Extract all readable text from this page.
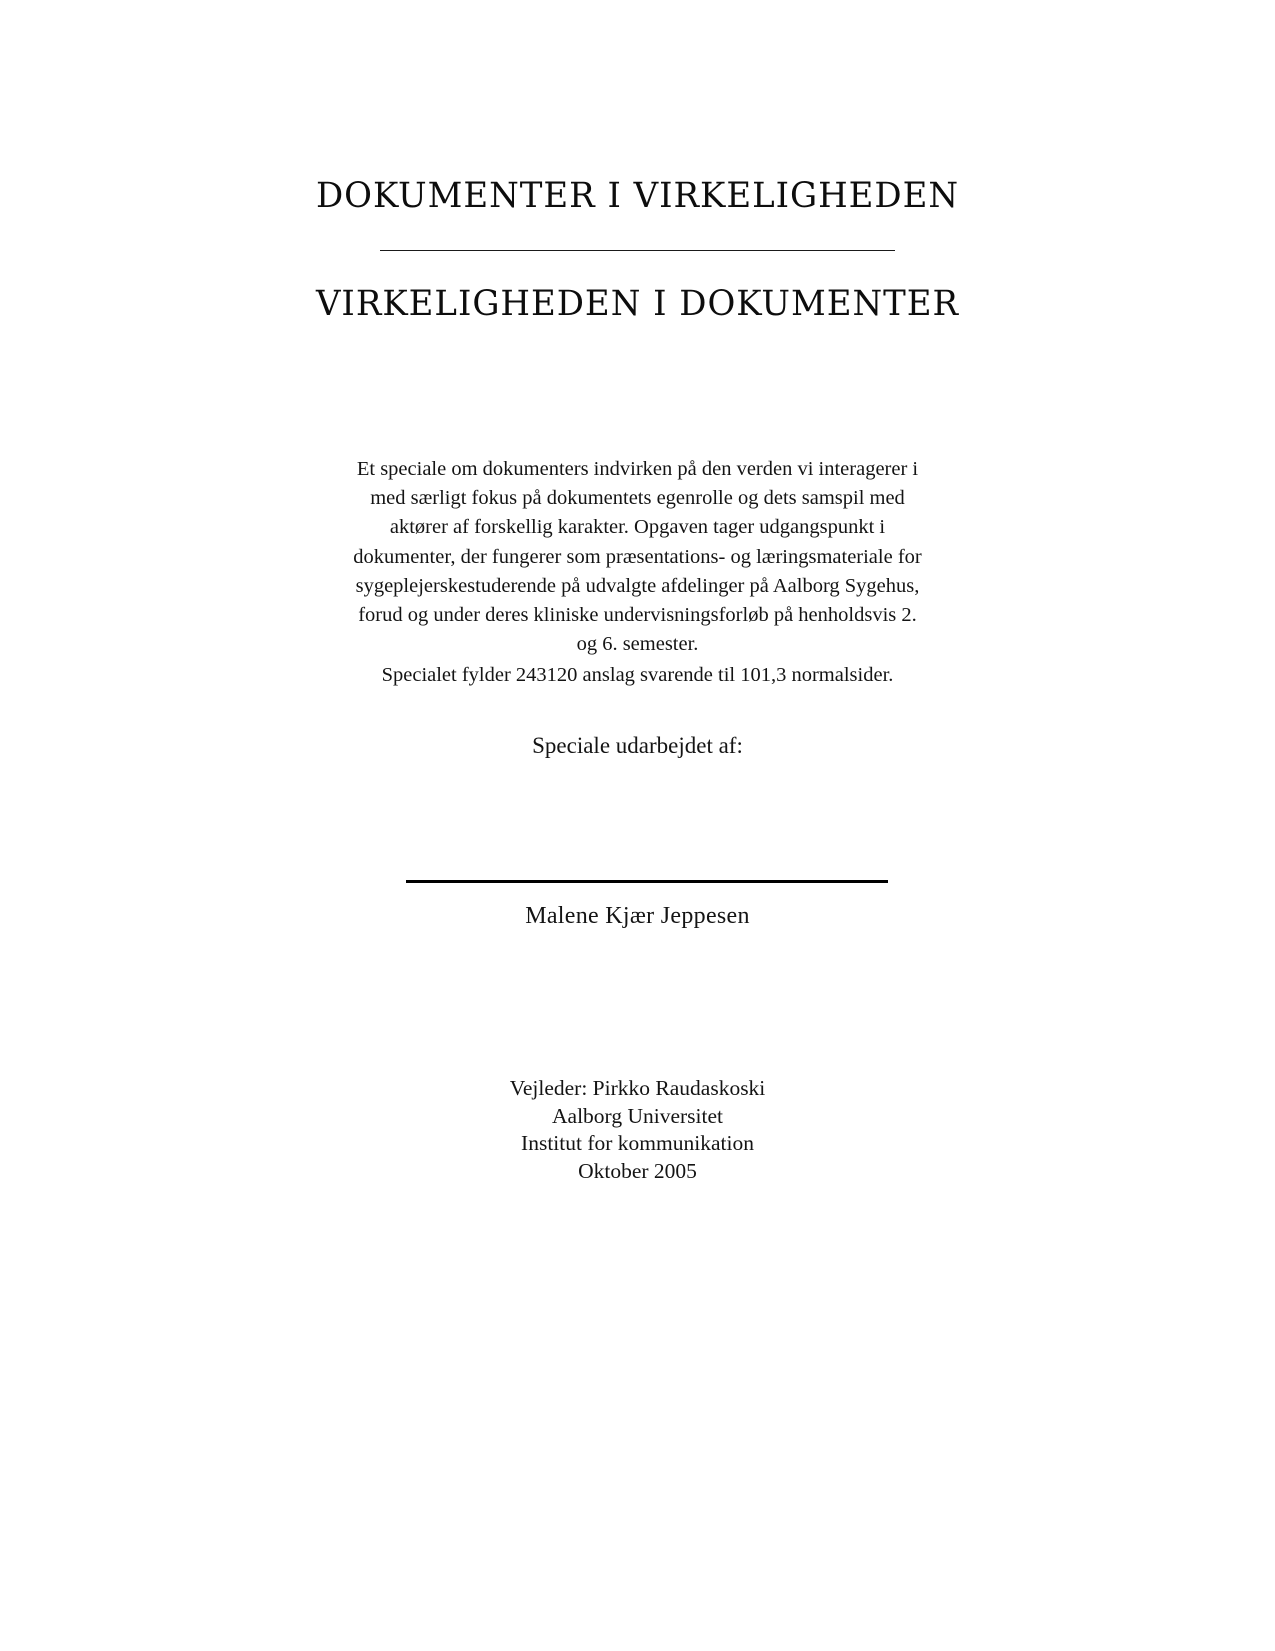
DOKUMENTER I VIRKELIGHEDEN
VIRKELIGHEDEN I DOKUMENTER

Et speciale om dokumenters indvirken på den verden vi interagerer i med særligt fokus på dokumentets egenrolle og dets samspil med aktører af forskellig karakter. Opgaven tager udgangspunkt i dokumenter, der fungerer som præsentations- og læringsmateriale for sygeplejerskestuderende på udvalgte afdelinger på Aalborg Sygehus, forud og under deres kliniske undervisningsforløb på henholdsvis 2. og 6. semester.

Specialet fylder 243120 anslag svarende til 101,3 normalsider.
Speciale udarbejdet af:
Malene Kjær Jeppesen
Vejleder: Pirkko Raudaskoski
Aalborg Universitet
Institut for kommunikation
Oktober 2005
